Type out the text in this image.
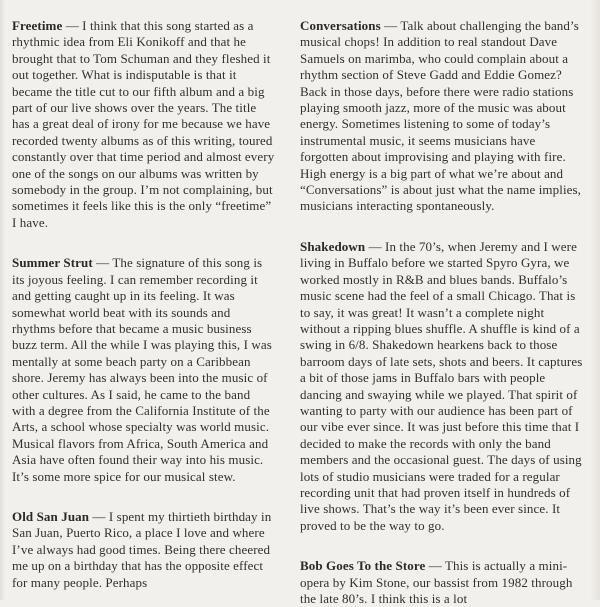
Freetime — I think that this song started as a rhythmic idea from Eli Konikoff and that he brought that to Tom Schuman and they fleshed it out together. What is indisputable is that it became the title cut to our fifth album and a big part of our live shows over the years. The title has a great deal of irony for me because we have recorded twenty albums as of this writing, toured constantly over that time period and almost every one of the songs on our albums was written by somebody in the group. I’m not complaining, but sometimes it feels like this is the only “freetime” I have.

Summer Strut — The signature of this song is its joyous feeling. I can remember recording it and getting caught up in its feeling. It was somewhat world beat with its sounds and rhythms before that became a music business buzz term. All the while I was playing this, I was mentally at some beach party on a Caribbean shore. Jeremy has always been into the music of other cultures. As I said, he came to the band with a degree from the California Institute of the Arts, a school whose specialty was world music. Musical flavors from Africa, South America and Asia have often found their way into his music. It’s some more spice for our musical stew.

Old San Juan — I spent my thirtieth birthday in San Juan, Puerto Rico, a place I love and where I’ve always had good times. Being there cheered me up on a birthday that has the opposite effect for many people. Perhaps

Conversations — Talk about challenging the band’s musical chops! In addition to real standout Dave Samuels on marimba, who could complain about a rhythm section of Steve Gadd and Eddie Gomez? Back in those days, before there were radio stations playing smooth jazz, more of the music was about energy. Sometimes listening to some of today’s instrumental music, it seems musicians have forgotten about improvising and playing with fire. High energy is a big part of what we’re about and “Conversations” is about just what the name implies, musicians interacting spontaneously.

Shakedown — In the 70’s, when Jeremy and I were living in Buffalo before we started Spyro Gyra, we worked mostly in R&B and blues bands. Buffalo’s music scene had the feel of a small Chicago. That is to say, it was great! It wasn’t a complete night without a ripping blues shuffle. A shuffle is kind of a swing in 6/8. Shakedown hearkens back to those barroom days of late sets, shots and beers. It captures a bit of those jams in Buffalo bars with people dancing and swaying while we played. That spirit of wanting to party with our audience has been part of our vibe ever since. It was just before this time that I decided to make the records with only the band members and the occasional guest. The days of using lots of studio musicians were traded for a regular recording unit that had proven itself in hundreds of live shows. That’s the way it’s been ever since. It proved to be the way to go.

Bob Goes To the Store — This is actually a mini-opera by Kim Stone, our bassist from 1982 through the late 80’s. I think this is a lot
